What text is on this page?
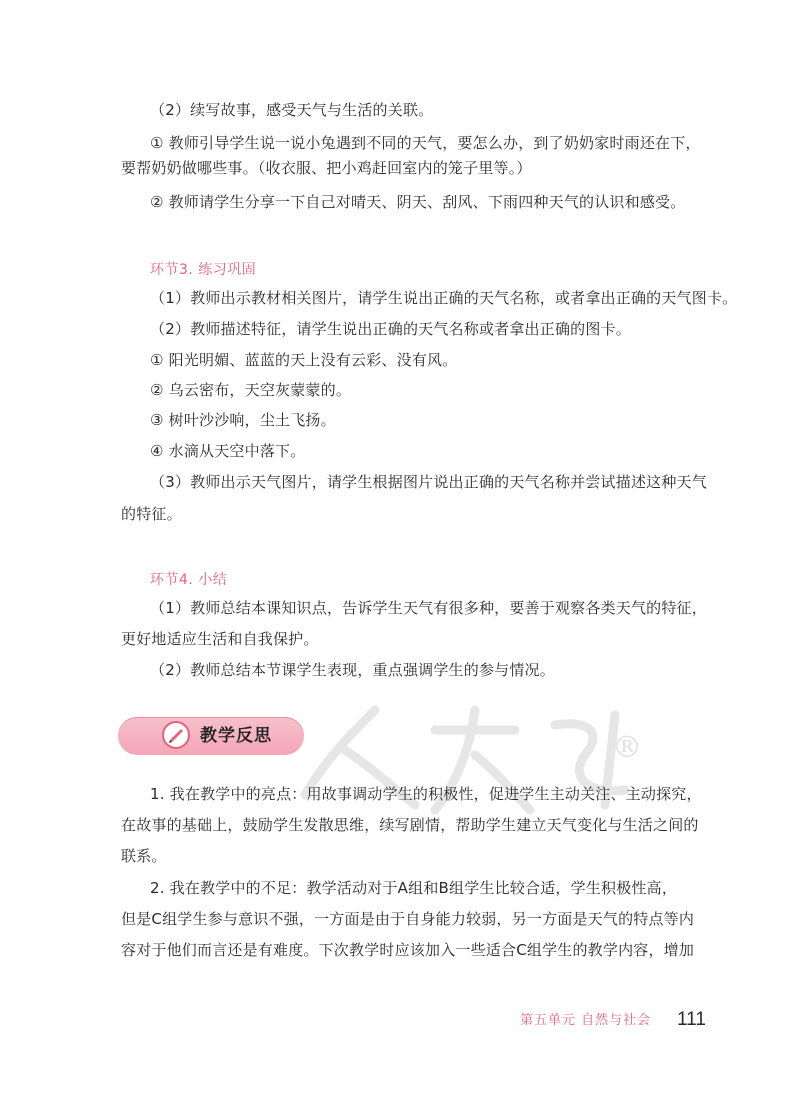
（2）续写故事，感受天气与生活的关联。
① 教师引导学生说一说小兔遇到不同的天气，要怎么办，到了奶奶家时雨还在下，
要帮奶奶做哪些事。（收衣服、把小鸡赶回室内的笼子里等。）
② 教师请学生分享一下自己对晴天、阴天、刮风、下雨四种天气的认识和感受。
环节3. 练习巩固
（1）教师出示教材相关图片，请学生说出正确的天气名称，或者拿出正确的天气图卡。
（2）教师描述特征，请学生说出正确的天气名称或者拿出正确的图卡。
① 阳光明媚、蓝蓝的天上没有云彩、没有风。
② 乌云密布，天空灰蒙蒙的。
③ 树叶沙沙响，尘土飞扬。
④ 水滴从天空中落下。
（3）教师出示天气图片，请学生根据图片说出正确的天气名称并尝试描述这种天气
的特征。
环节4. 小结
（1）教师总结本课知识点，告诉学生天气有很多种，要善于观察各类天气的特征，
更好地适应生活和自我保护。
（2）教师总结本节课学生表现，重点强调学生的参与情况。
®
教学反思
1. 我在教学中的亮点：用故事调动学生的积极性，促进学生主动关注、主动探究，
在故事的基础上，鼓励学生发散思维，续写剧情，帮助学生建立天气变化与生活之间的
联系。
2. 我在教学中的不足：教学活动对于A组和B组学生比较合适，学生积极性高，
但是C组学生参与意识不强，一方面是由于自身能力较弱，另一方面是天气的特点等内
容对于他们而言还是有难度。下次教学时应该加入一些适合C组学生的教学内容，增加
第五单元 自然与社会 111
